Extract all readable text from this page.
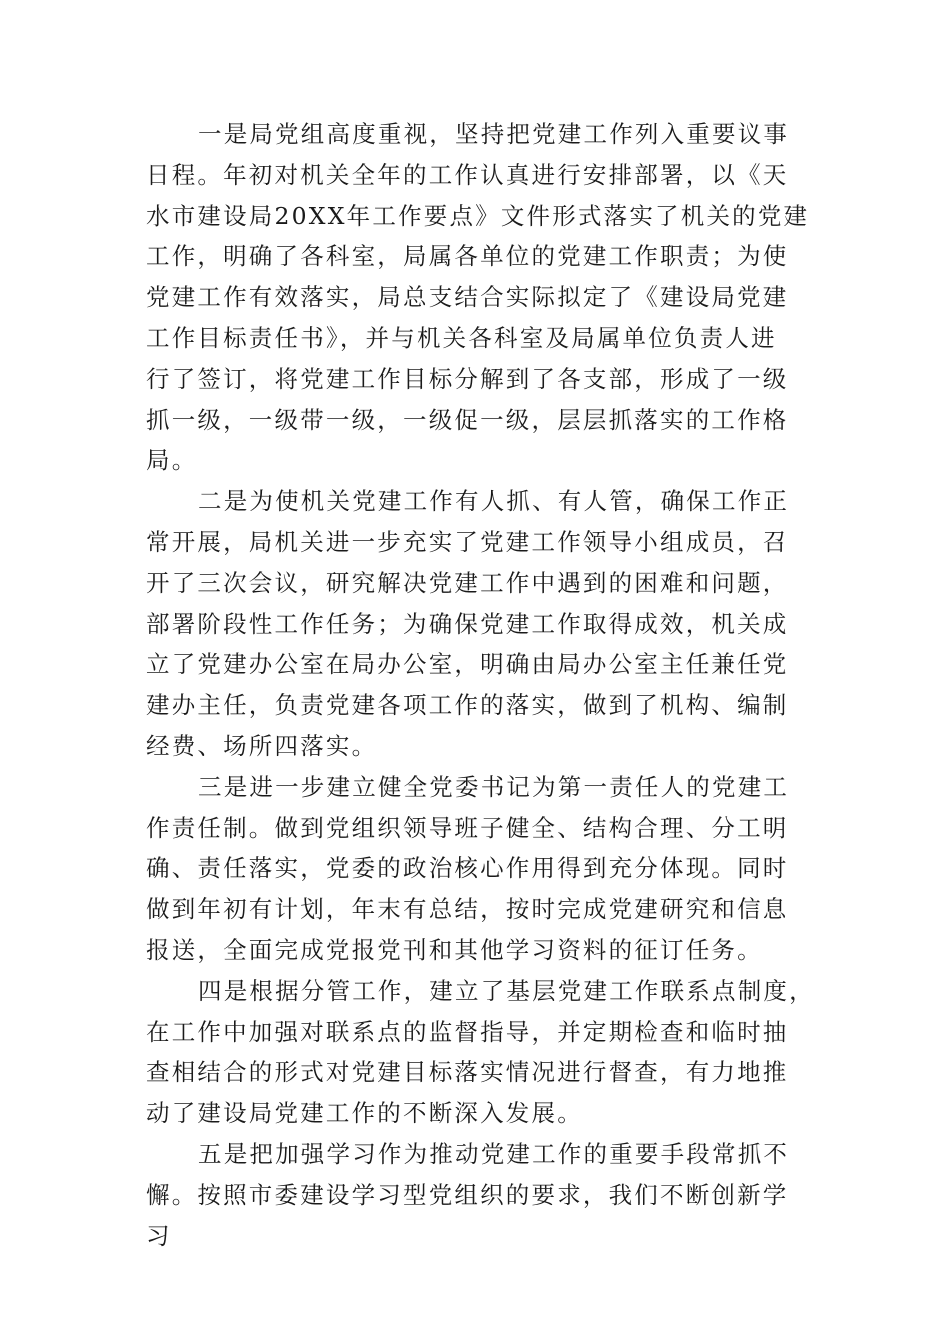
一是局党组高度重视，坚持把党建工作列入重要议事
日程。年初对机关全年的工作认真进行安排部署，以《天
水市建设局20XX年工作要点》文件形式落实了机关的党建
工作，明确了各科室，局属各单位的党建工作职责；为使
党建工作有效落实，局总支结合实际拟定了《建设局党建
工作目标责任书》，并与机关各科室及局属单位负责人进
行了签订，将党建工作目标分解到了各支部，形成了一级
抓一级，一级带一级，一级促一级，层层抓落实的工作格
局。
二是为使机关党建工作有人抓、有人管，确保工作正
常开展，局机关进一步充实了党建工作领导小组成员，召
开了三次会议，研究解决党建工作中遇到的困难和问题，
部署阶段性工作任务；为确保党建工作取得成效，机关成
立了党建办公室在局办公室，明确由局办公室主任兼任党
建办主任，负责党建各项工作的落实，做到了机构、编制
经费、场所四落实。
三是进一步建立健全党委书记为第一责任人的党建工
作责任制。做到党组织领导班子健全、结构合理、分工明
确、责任落实，党委的政治核心作用得到充分体现。同时
做到年初有计划，年末有总结，按时完成党建研究和信息
报送，全面完成党报党刊和其他学习资料的征订任务。
四是根据分管工作，建立了基层党建工作联系点制度，
在工作中加强对联系点的监督指导，并定期检查和临时抽
查相结合的形式对党建目标落实情况进行督查，有力地推
动了建设局党建工作的不断深入发展。
五是把加强学习作为推动党建工作的重要手段常抓不
懈。按照市委建设学习型党组织的要求，我们不断创新学
习
